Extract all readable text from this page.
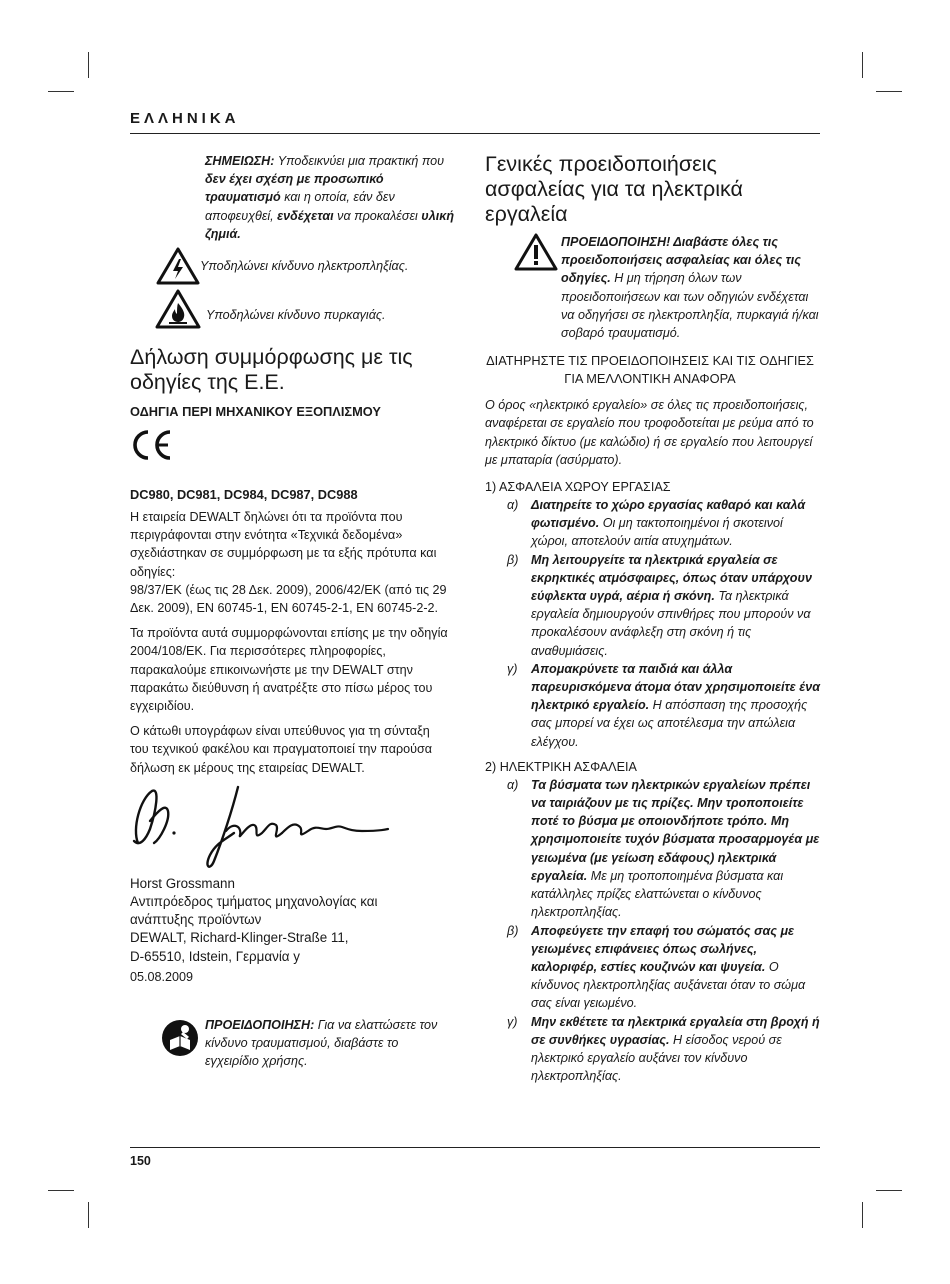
ΕΛΛΗΝΙΚΑ

ΣΗΜΕΙΩΣΗ: Υποδεικνύει μια πρακτική που δεν έχει σχέση με προσωπικό τραυματισμό και η οποία, εάν δεν αποφευχθεί, ενδέχεται να προκαλέσει υλική ζημιά.

Υποδηλώνει κίνδυνο ηλεκτροπληξίας.
Υποδηλώνει κίνδυνο πυρκαγιάς.
Δήλωση συμμόρφωσης με τις οδηγίες της Ε.Ε.

ΟΔΗΓΙΑ ΠΕΡΙ ΜΗΧΑΝΙΚΟΥ ΕΞΟΠΛΙΣΜΟΥ

DC980, DC981, DC984, DC987, DC988

Η εταιρεία DEWALT δηλώνει ότι τα προϊόντα που περιγράφονται στην ενότητα «Τεχνικά δεδομένα» σχεδιάστηκαν σε συμμόρφωση με τα εξής πρότυπα και οδηγίες:

98/37/ΕΚ (έως τις 28 Δεκ. 2009), 2006/42/ΕΚ (από τις 29 Δεκ. 2009), EN 60745-1, EN 60745-2-1, EN 60745-2-2.

Τα προϊόντα αυτά συμμορφώνονται επίσης με την οδηγία 2004/108/ΕΚ. Για περισσότερες πληροφορίες, παρακαλούμε επικοινωνήστε με την DEWALT στην παρακάτω διεύθυνση ή ανατρέξτε στο πίσω μέρος του εγχειριδίου.

Ο κάτωθι υπογράφων είναι υπεύθυνος για τη σύνταξη του τεχνικού φακέλου και πραγματοποιεί την παρούσα δήλωση εκ μέρους της εταιρείας DEWALT.

Horst Grossmann

Αντιπρόεδρος τμήματος μηχανολογίας και ανάπτυξης προϊόντων

DEWALT, Richard-Klinger-Straße 11,

D-65510, Idstein, Γερμανία y

05.08.2009

ΠΡΟΕΙΔΟΠΟΙΗΣΗ: Για να ελαττώσετε τον κίνδυνο τραυματισμού, διαβάστε το εγχειρίδιο χρήσης.

Γενικές προειδοποιήσεις ασφαλείας για τα ηλεκτρικά εργαλεία

ΠΡΟΕΙΔΟΠΟΙΗΣΗ! Διαβάστε όλες τις προειδοποιήσεις ασφαλείας και όλες τις οδηγίες. Η μη τήρηση όλων των προειδοποιήσεων και των οδηγιών ενδέχεται να οδηγήσει σε ηλεκτροπληξία, πυρκαγιά ή/και σοβαρό τραυματισμό.

ΔΙΑΤΗΡΗΣΤΕ ΤΙΣ ΠΡΟΕΙΔΟΠΟΙΗΣΕΙΣ ΚΑΙ ΤΙΣ ΟΔΗΓΙΕΣ ΓΙΑ ΜΕΛΛΟΝΤΙΚΗ ΑΝΑΦΟΡΑ

Ο όρος «ηλεκτρικό εργαλείο» σε όλες τις προειδοποιήσεις, αναφέρεται σε εργαλείο που τροφοδοτείται με ρεύμα από το ηλεκτρικό δίκτυο (με καλώδιο) ή σε εργαλείο που λειτουργεί με μπαταρία (ασύρματο).

1) ΑΣΦΑΛΕΙΑ ΧΩΡΟΥ ΕΡΓΑΣΙΑΣ

α)	Διατηρείτε το χώρο εργασίας καθαρό και καλά φωτισμένο. Οι μη τακτοποιημένοι ή σκοτεινοί χώροι, αποτελούν αιτία ατυχημάτων.
β)	Μη λειτουργείτε τα ηλεκτρικά εργαλεία σε εκρηκτικές ατμόσφαιρες, όπως όταν υπάρχουν εύφλεκτα υγρά, αέρια ή σκόνη. Τα ηλεκτρικά εργαλεία δημιουργούν σπινθήρες που μπορούν να προκαλέσουν ανάφλεξη στη σκόνη ή τις αναθυμιάσεις.
γ)	Απομακρύνετε τα παιδιά και άλλα παρευρισκόμενα άτομα όταν χρησιμοποιείτε ένα ηλεκτρικό εργαλείο. Η απόσπαση της προσοχής σας μπορεί να έχει ως αποτέλεσμα την απώλεια ελέγχου.

2) ΗΛΕΚΤΡΙΚΗ ΑΣΦΑΛΕΙΑ

α)	Τα βύσματα των ηλεκτρικών εργαλείων πρέπει να ταιριάζουν με τις πρίζες. Μην τροποποιείτε ποτέ το βύσμα με οποιονδήποτε τρόπο. Μη χρησιμοποιείτε τυχόν βύσματα προσαρμογέα με γειωμένα (με γείωση εδάφους) ηλεκτρικά εργαλεία. Με μη τροποποιημένα βύσματα και κατάλληλες πρίζες ελαττώνεται ο κίνδυνος ηλεκτροπληξίας.
β)	Αποφεύγετε την επαφή του σώματός σας με γειωμένες επιφάνειες όπως σωλήνες, καλοριφέρ, εστίες κουζινών και ψυγεία. Ο κίνδυνος ηλεκτροπληξίας αυξάνεται όταν το σώμα σας είναι γειωμένο.
γ)	Μην εκθέτετε τα ηλεκτρικά εργαλεία στη βροχή ή σε συνθήκες υγρασίας. Η είσοδος νερού σε ηλεκτρικό εργαλείο αυξάνει τον κίνδυνο ηλεκτροπληξίας.
150
